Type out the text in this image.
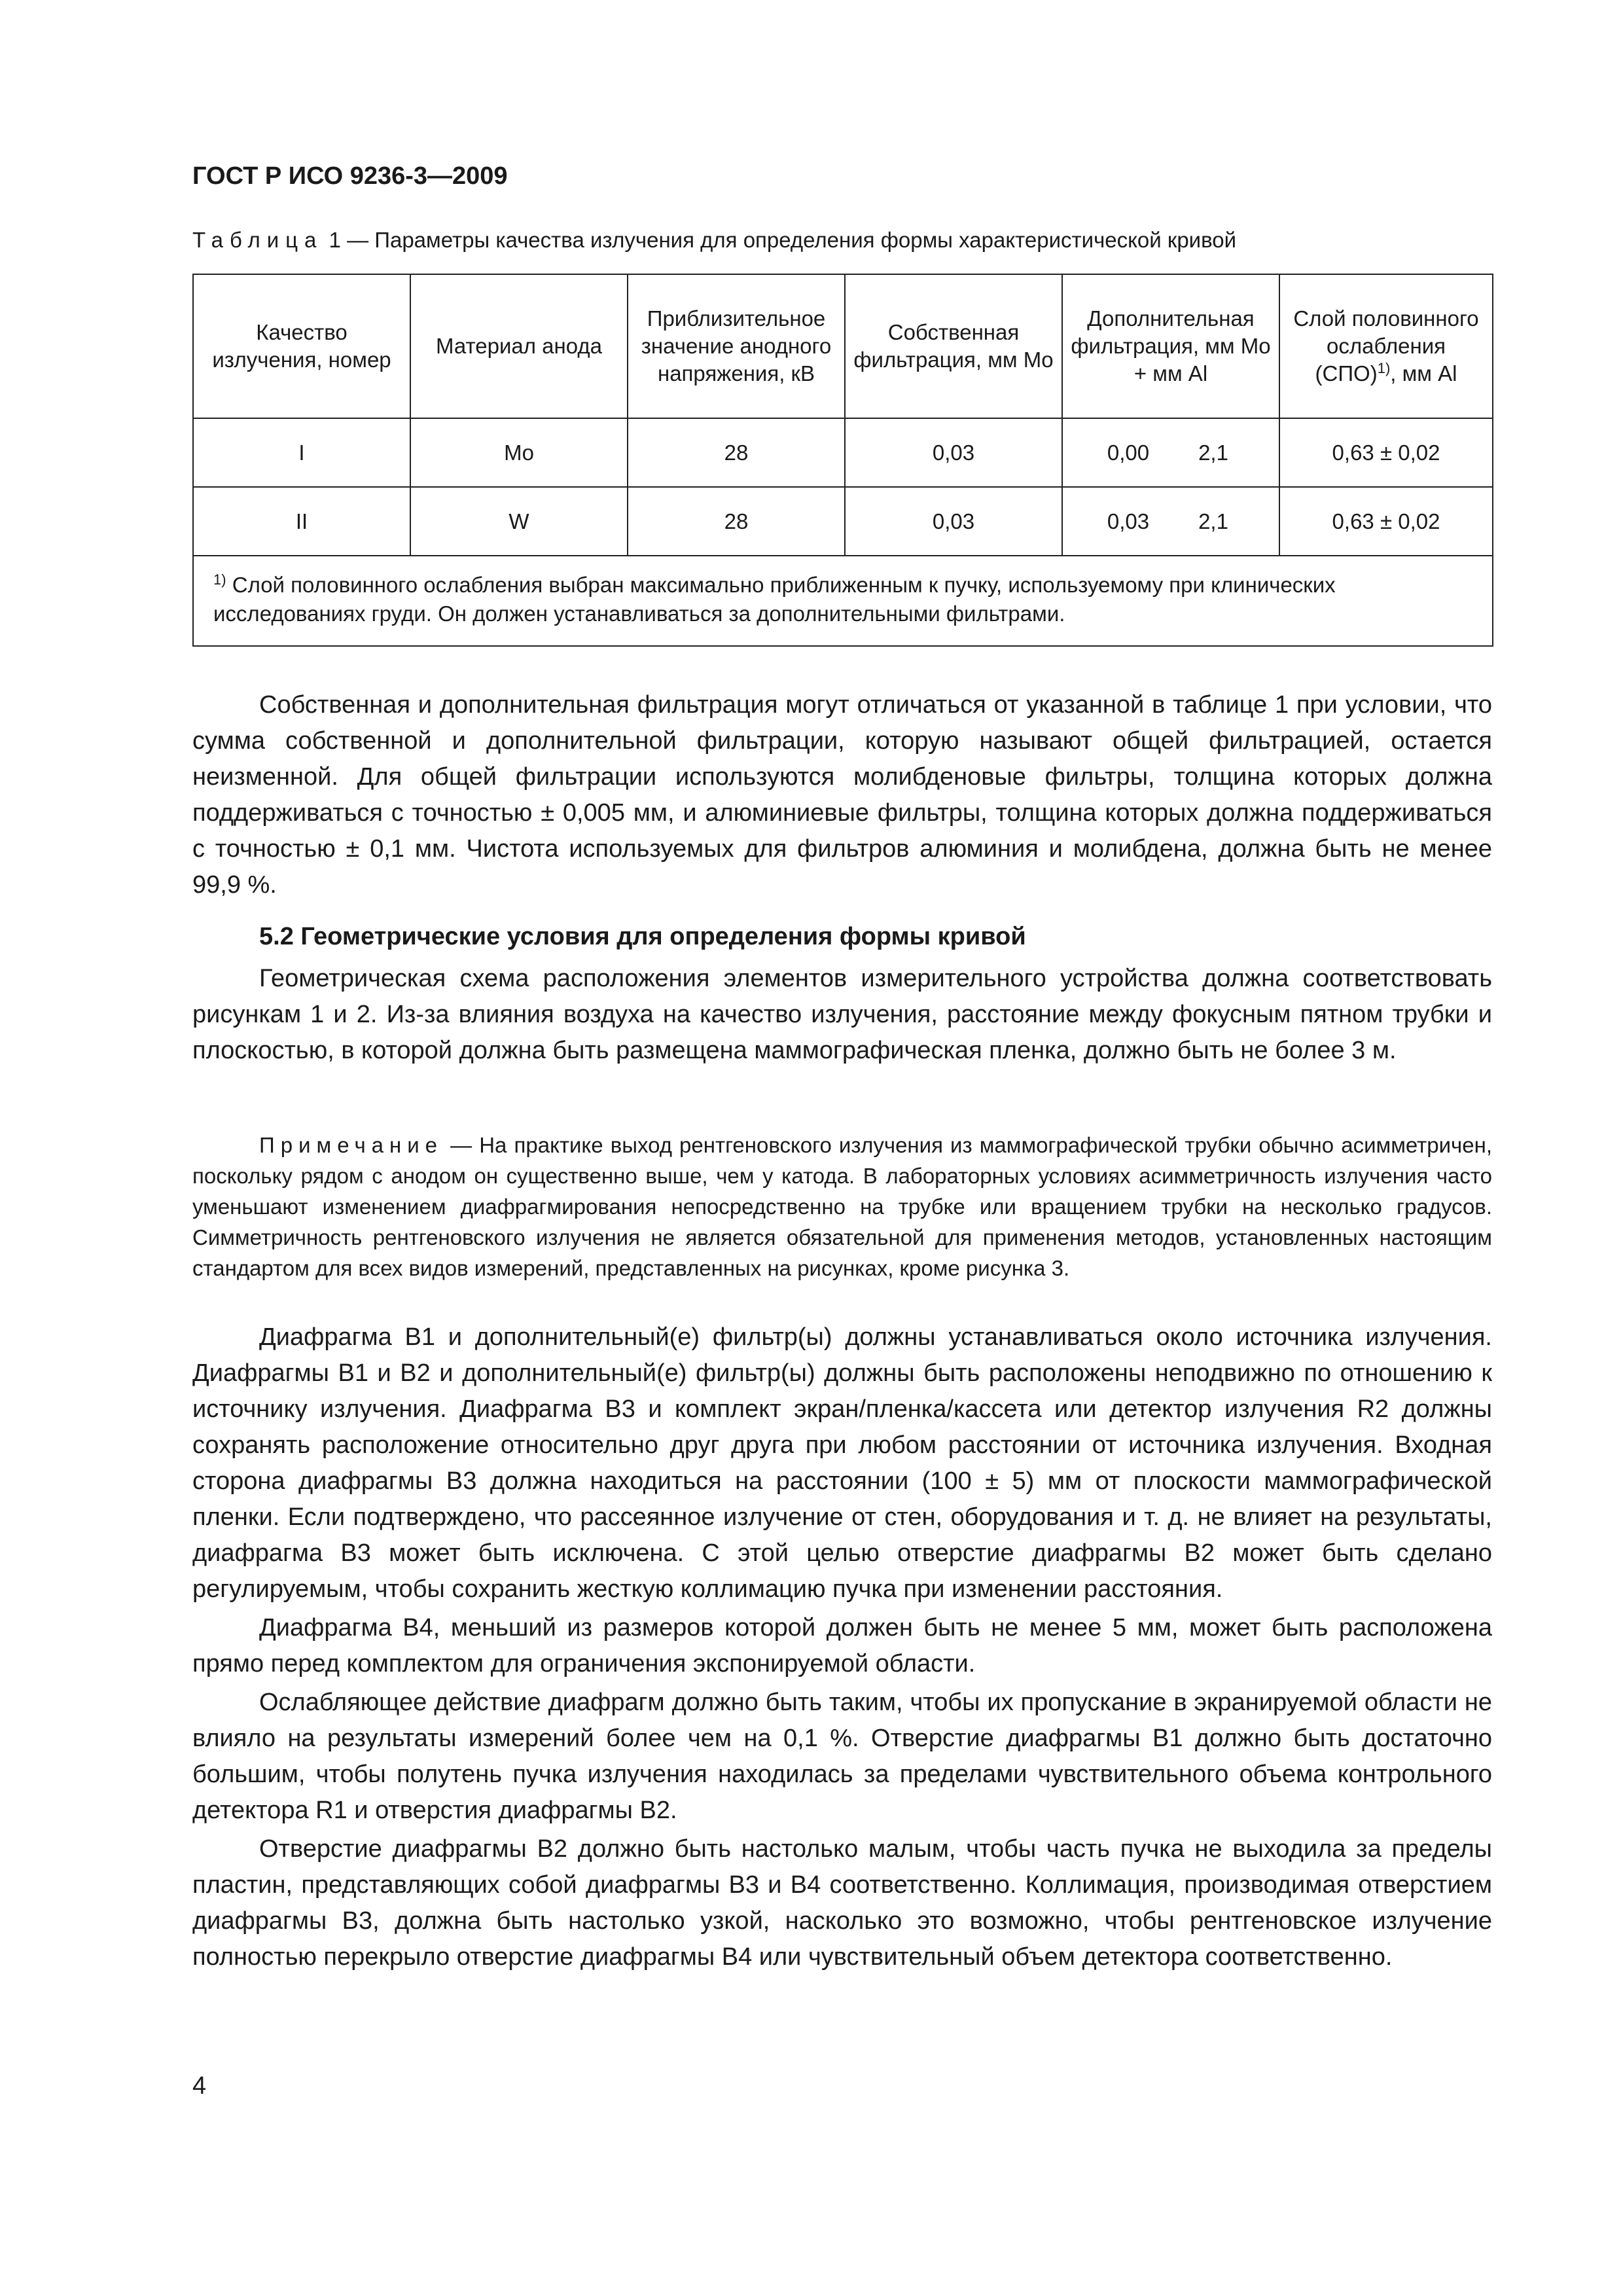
ГОСТ Р ИСО 9236-3—2009
Таблица 1 — Параметры качества излучения для определения формы характеристической кривой
Качество излучения, номер	Материал анода	Приблизительное значение анодного напряжения, кВ	Собственная фильтрация, мм Mo	Дополнительная фильтрация, мм Mo + мм Al	Слой половинного ослабления (СПО)$^{1)}$, мм Al
I	Mo	28	0,03	0,00 2,1	0,63 ± 0,02
II	W	28	0,03	0,03 2,1	0,63 ± 0,02
$^{1)}$ Слой половинного ослабления выбран максимально приближенным к пучку, используемому при клинических исследованиях груди. Он должен устанавливаться за дополнительными фильтрами.					

Собственная и дополнительная фильтрация могут отличаться от указанной в таблице 1 при условии, что сумма собственной и дополнительной фильтрации, которую называют общей фильтрацией, остается неизменной. Для общей фильтрации используются молибденовые фильтры, толщина которых должна поддерживаться с точностью ± 0,005 мм, и алюминиевые фильтры, толщина которых должна поддерживаться с точностью ± 0,1 мм. Чистота используемых для фильтров алюминия и молибдена, должна быть не менее 99,9 %.

5.2 Геометрические условия для определения формы кривой

Геометрическая схема расположения элементов измерительного устройства должна соответствовать рисункам 1 и 2. Из-за влияния воздуха на качество излучения, расстояние между фокусным пятном трубки и плоскостью, в которой должна быть размещена маммографическая пленка, должно быть не более 3 м.

Примечание — На практике выход рентгеновского излучения из маммографической трубки обычно асимметричен, поскольку рядом с анодом он существенно выше, чем у катода. В лабораторных условиях асимметричность излучения часто уменьшают изменением диафрагмирования непосредственно на трубке или вращением трубки на несколько градусов. Симметричность рентгеновского излучения не является обязательной для применения методов, установленных настоящим стандартом для всех видов измерений, представленных на рисунках, кроме рисунка 3.

Диафрагма В1 и дополнительный(е) фильтр(ы) должны устанавливаться около источника излучения. Диафрагмы В1 и В2 и дополнительный(е) фильтр(ы) должны быть расположены неподвижно по отношению к источнику излучения. Диафрагма В3 и комплект экран/пленка/кассета или детектор излучения R2 должны сохранять расположение относительно друг друга при любом расстоянии от источника излучения. Входная сторона диафрагмы В3 должна находиться на расстоянии (100 ± 5) мм от плоскости маммографической пленки. Если подтверждено, что рассеянное излучение от стен, оборудования и т. д. не влияет на результаты, диафрагма В3 может быть исключена. С этой целью отверстие диафрагмы В2 может быть сделано регулируемым, чтобы сохранить жесткую коллимацию пучка при изменении расстояния.

Диафрагма В4, меньший из размеров которой должен быть не менее 5 мм, может быть расположена прямо перед комплектом для ограничения экспонируемой области.

Ослабляющее действие диафрагм должно быть таким, чтобы их пропускание в экранируемой области не влияло на результаты измерений более чем на 0,1 %. Отверстие диафрагмы В1 должно быть достаточно большим, чтобы полутень пучка излучения находилась за пределами чувствительного объема контрольного детектора R1 и отверстия диафрагмы В2.

Отверстие диафрагмы В2 должно быть настолько малым, чтобы часть пучка не выходила за пределы пластин, представляющих собой диафрагмы В3 и В4 соответственно. Коллимация, производимая отверстием диафрагмы В3, должна быть настолько узкой, насколько это возможно, чтобы рентгеновское излучение полностью перекрыло отверстие диафрагмы В4 или чувствительный объем детектора соответственно.

4
